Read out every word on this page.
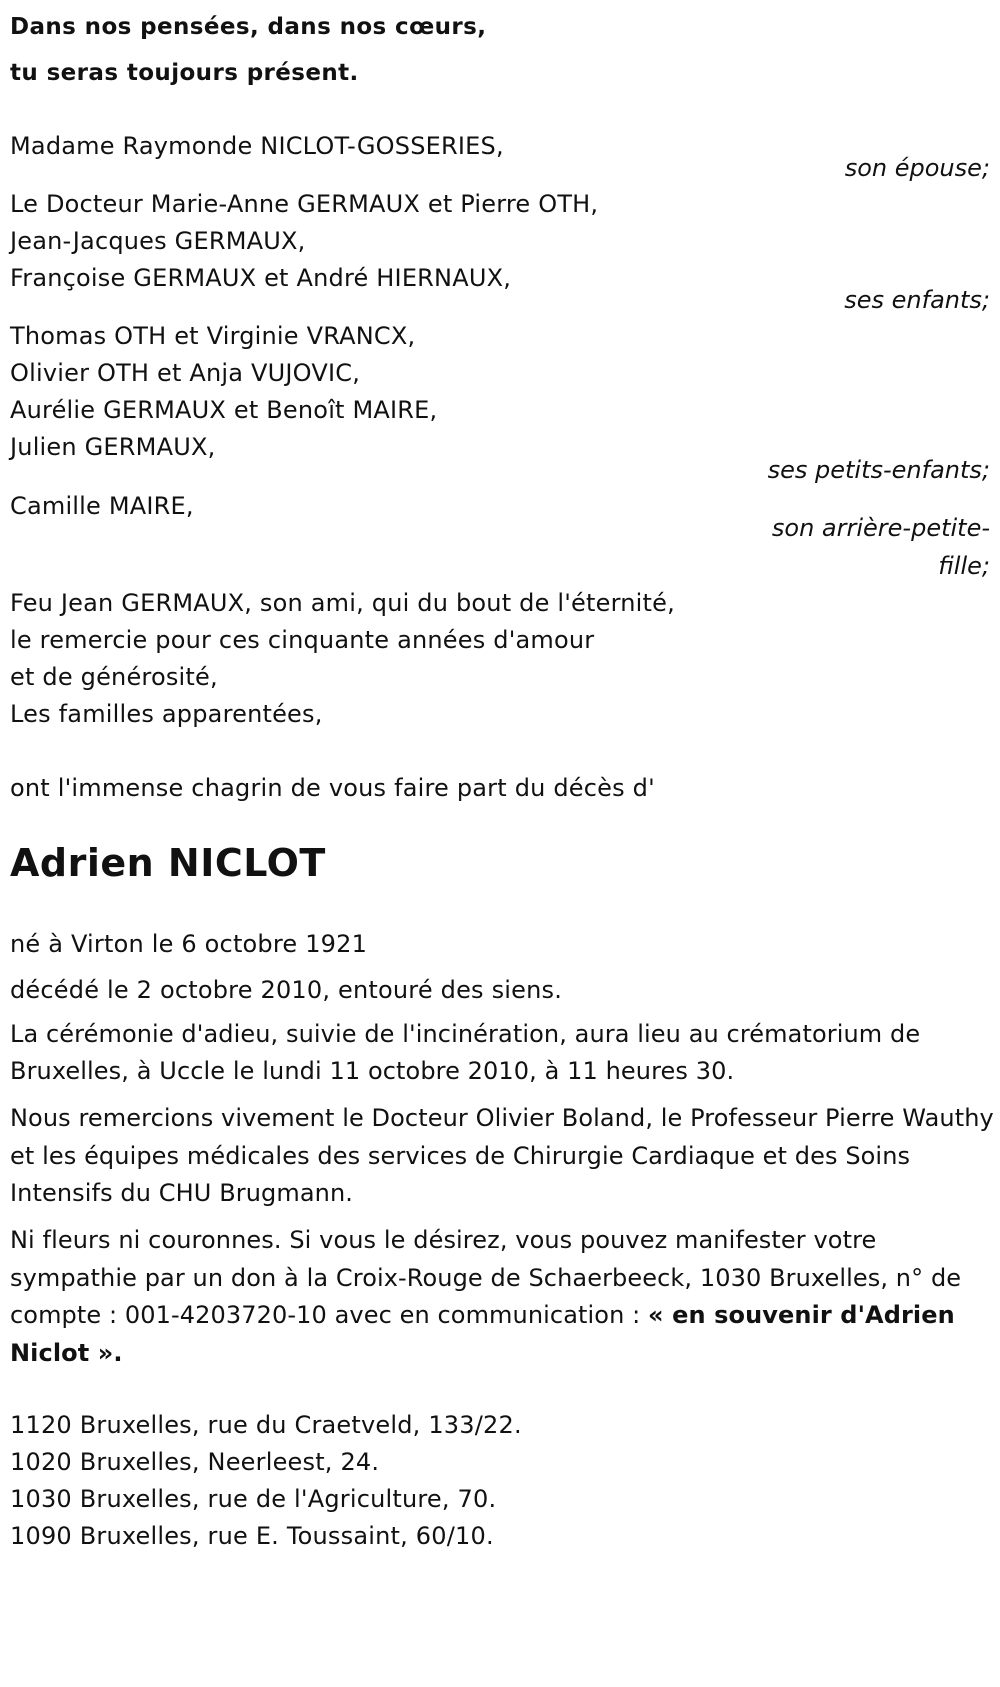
Dans nos pensées, dans nos cœurs,
tu seras toujours présent.
Madame Raymonde NICLOT-GOSSERIES,
son épouse;
Le Docteur Marie-Anne GERMAUX et Pierre OTH,
Jean-Jacques GERMAUX,
Françoise GERMAUX et André HIERNAUX,
ses enfants;
Thomas OTH et Virginie VRANCX,
Olivier OTH et Anja VUJOVIC,
Aurélie GERMAUX et Benoît MAIRE,
Julien GERMAUX,
ses petits-enfants;
Camille MAIRE,
son arrière-petite-
fille;
Feu Jean GERMAUX, son ami, qui du bout de l'éternité,
le remercie pour ces cinquante années d'amour
et de générosité,
Les familles apparentées,
ont l'immense chagrin de vous faire part du décès d'
Adrien NICLOT
né à Virton le 6 octobre 1921
décédé le 2 octobre 2010, entouré des siens.

La cérémonie d'adieu, suivie de l'incinération, aura lieu au crématorium de Bruxelles, à Uccle le lundi 11 octobre 2010, à 11 heures 30.

Nous remercions vivement le Docteur Olivier Boland, le Professeur Pierre Wauthy et les équipes médicales des services de Chirurgie Cardiaque et des Soins Intensifs du CHU Brugmann.

Ni fleurs ni couronnes. Si vous le désirez, vous pouvez manifester votre sympathie par un don à la Croix-Rouge de Schaerbeeck, 1030 Bruxelles, n° de compte : 001-4203720-10 avec en communication : « en souvenir d'Adrien Niclot ».

1120 Bruxelles, rue du Craetveld, 133/22.
1020 Bruxelles, Neerleest, 24.
1030 Bruxelles, rue de l'Agriculture, 70.
1090 Bruxelles, rue E. Toussaint, 60/10.
